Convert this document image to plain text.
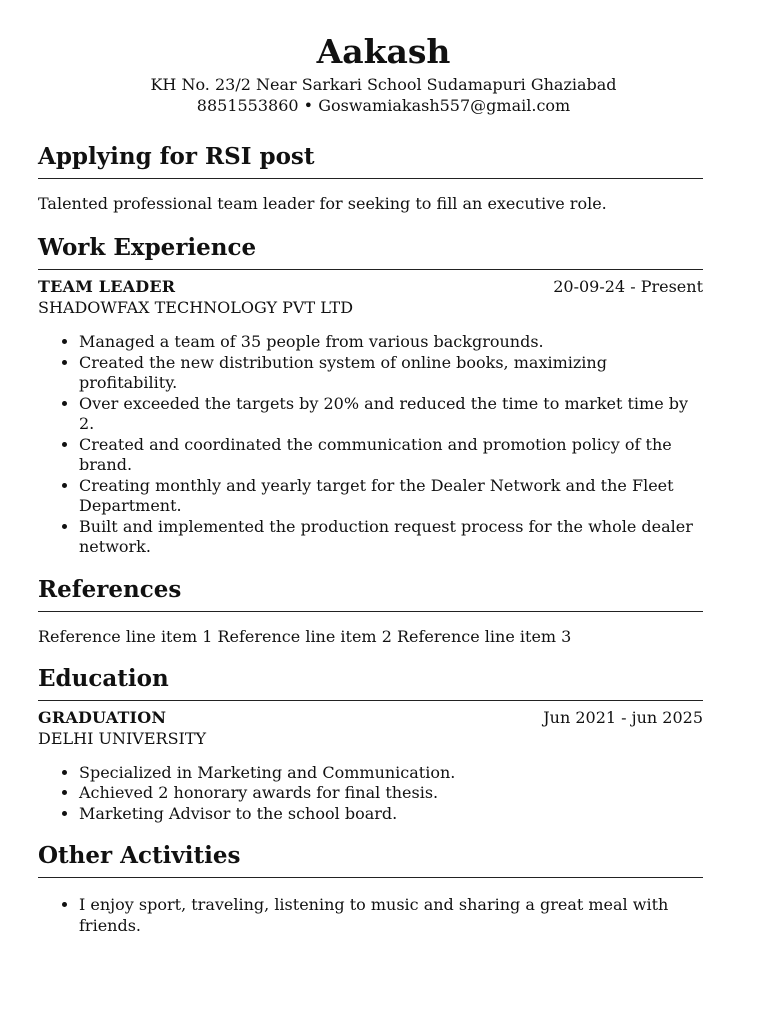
Aakash
KH No. 23/2 Near Sarkari School Sudamapuri Ghaziabad
8851553860 • Goswamiakash557@gmail.com
Applying for RSI post
Talented professional team leader for seeking to fill an executive role.
Work Experience
TEAM LEADER	20-09-24 - Present
SHADOWFAX TECHNOLOGY PVT LTD
• Managed a team of 35 people from various backgrounds.
• Created the new distribution system of online books, maximizing profitability.
• Over exceeded the targets by 20% and reduced the time to market time by 2.
• Created and coordinated the communication and promotion policy of the brand.
• Creating monthly and yearly target for the Dealer Network and the Fleet Department.
• Built and implemented the production request process for the whole dealer network.
References
Reference line item 1 Reference line item 2 Reference line item 3
Education
GRADUATION	Jun 2021 - jun 2025
DELHI UNIVERSITY
• Specialized in Marketing and Communication.
• Achieved 2 honorary awards for final thesis.
• Marketing Advisor to the school board.
Other Activities
• I enjoy sport, traveling, listening to music and sharing a great meal with friends.
